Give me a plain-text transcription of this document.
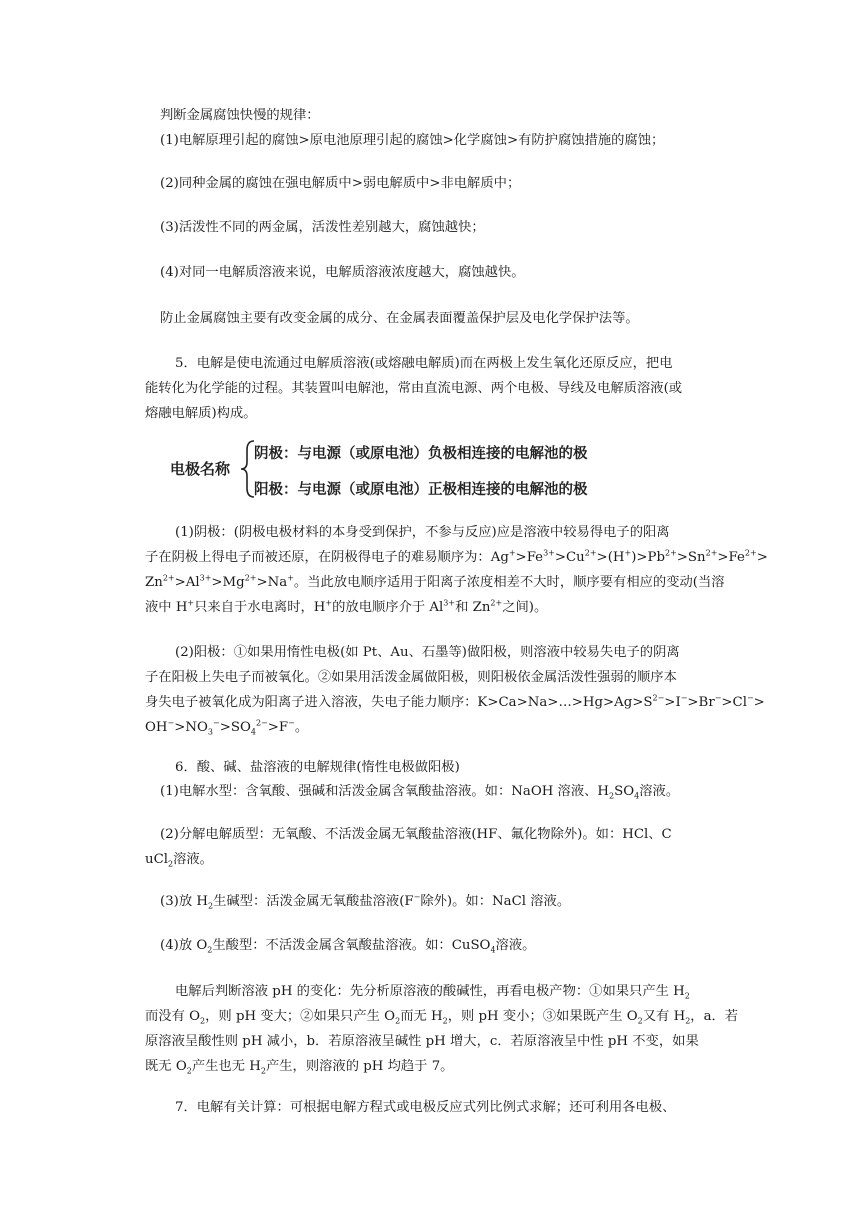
判断金属腐蚀快慢的规律：
(1)电解原理引起的腐蚀>原电池原理引起的腐蚀>化学腐蚀>有防护腐蚀措施的腐蚀；
(2)同种金属的腐蚀在强电解质中>弱电解质中>非电解质中；
(3)活泼性不同的两金属，活泼性差别越大，腐蚀越快；
(4)对同一电解质溶液来说，电解质溶液浓度越大，腐蚀越快。
防止金属腐蚀主要有改变金属的成分、在金属表面覆盖保护层及电化学保护法等。
5．电解是使电流通过电解质溶液(或熔融电解质)而在两极上发生氧化还原反应，把电
能转化为化学能的过程。其装置叫电解池，常由直流电源、两个电极、导线及电解质溶液(或
熔融电解质)构成。
电极名称
阴极：与电源（或原电池）负极相连接的电解池的极
阳极：与电源（或原电池）正极相连接的电解池的极
(1)阴极：(阴极电极材料的本身受到保护，不参与反应)应是溶液中较易得电子的阳离
子在阴极上得电子而被还原，在阴极得电子的难易顺序为：$Ag^+>Fe^{3+}>Cu^{2+}>(H^+)>Pb^{2+}>Sn^{2+}>Fe^{2+}>$
$Zn^{2+}>Al^{3+}>Mg^{2+}>Na^+$。当此放电顺序适用于阳离子浓度相差不大时，顺序要有相应的变动(当溶
液中 H+只来自于水电离时，H+的放电顺序介于 $Al^{3+}$和 $Zn^{2+}$之间)。
(2)阳极：①如果用惰性电极(如 Pt、Au、石墨等)做阳极，则溶液中较易失电子的阴离
子在阳极上失电子而被氧化。②如果用活泼金属做阳极，则阳极依金属活泼性强弱的顺序本
身失电子被氧化成为阳离子进入溶液，失电子能力顺序：$K>Ca>Na>\dots>Hg>Ag>S^{2-}>I^->Br^->Cl^->$
$OH^->NO_3^->SO_4^{2-}>F^-$。
6．酸、碱、盐溶液的电解规律(惰性电极做阳极)
(1)电解水型：含氧酸、强碱和活泼金属含氧酸盐溶液。如：NaOH 溶液、$H_2SO_4$溶液。
(2)分解电解质型：无氧酸、不活泼金属无氧酸盐溶液(HF、氟化物除外)。如：HCl、C
uCl$_2$溶液。
(3)放 $H_2$生碱型：活泼金属无氧酸盐溶液(F−除外)。如：NaCl 溶液。
(4)放 $O_2$生酸型：不活泼金属含氧酸盐溶液。如：CuSO$_4$溶液。
电解后判断溶液 pH 的变化：先分析原溶液的酸碱性，再看电极产物：①如果只产生 $H_2$
而没有 $O_2$，则 pH 变大；②如果只产生 $O_2$而无 $H_2$，则 pH 变小；③如果既产生 $O_2$又有 $H_2$，a．若
原溶液呈酸性则 pH 减小，b．若原溶液呈碱性 pH 增大，c．若原溶液呈中性 pH 不变，如果
既无 $O_2$产生也无 $H_2$产生，则溶液的 pH 均趋于 7。
7．电解有关计算：可根据电解方程式或电极反应式列比例式求解；还可利用各电极、
